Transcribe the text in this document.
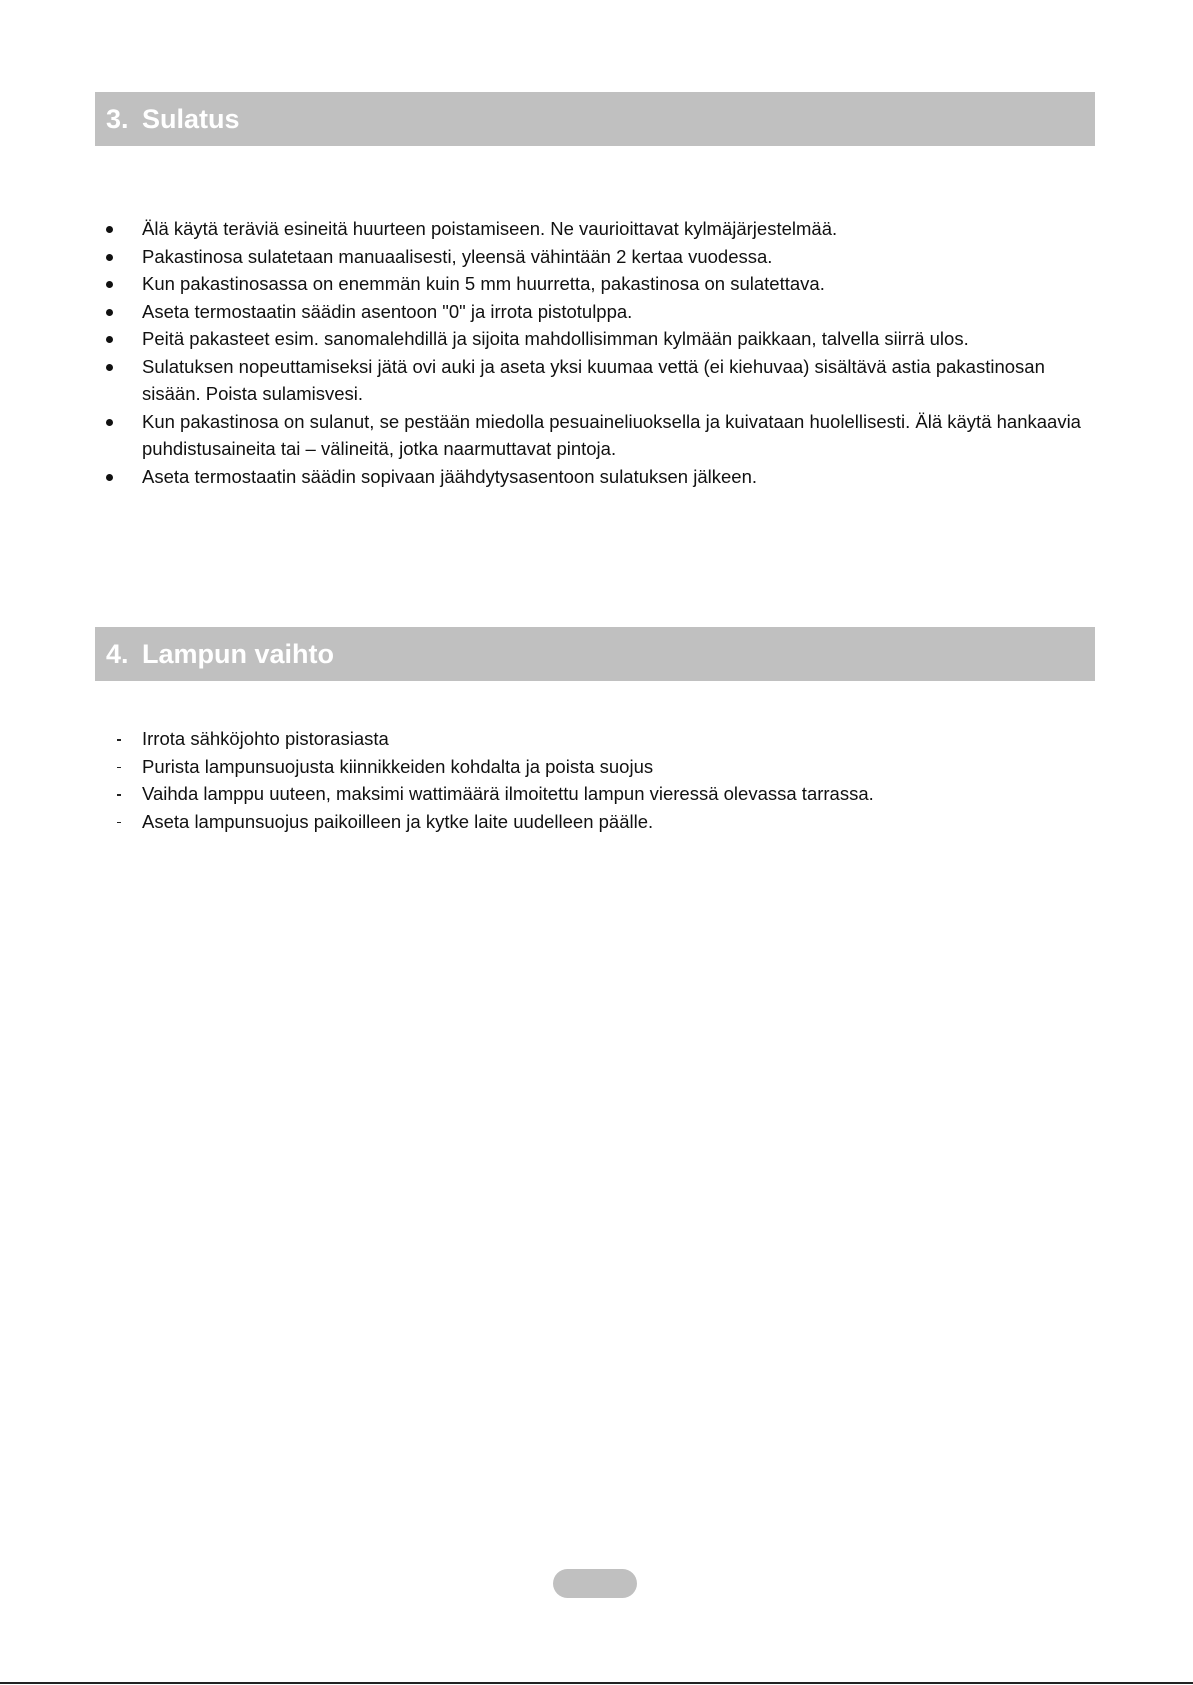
3. Sulatus
Älä käytä teräviä esineitä huurteen poistamiseen. Ne vaurioittavat kylmäjärjestelmää.
Pakastinosa sulatetaan manuaalisesti, yleensä vähintään 2 kertaa vuodessa.
Kun pakastinosassa on enemmän kuin 5 mm huurretta, pakastinosa on sulatettava.
Aseta termostaatin säädin asentoon "0" ja irrota pistotulppa.
Peitä pakasteet esim. sanomalehdillä ja sijoita mahdollisimman kylmään paikkaan, talvella siirrä ulos.
Sulatuksen nopeuttamiseksi jätä ovi auki ja aseta yksi kuumaa vettä (ei kiehuvaa) sisältävä astia pakastinosan sisään. Poista sulamisvesi.
Kun pakastinosa on sulanut, se pestään miedolla pesuaineliuoksella ja kuivataan huolellisesti. Älä käytä hankaavia puhdistusaineita tai – välineitä, jotka naarmuttavat pintoja.
Aseta termostaatin säädin sopivaan jäähdytysasentoon sulatuksen jälkeen.
4. Lampun vaihto
Irrota sähköjohto pistorasiasta
Purista lampunsuojusta kiinnikkeiden kohdalta ja poista suojus
Vaihda lamppu uuteen, maksimi wattimäärä ilmoitettu lampun vieressä olevassa tarrassa.
Aseta lampunsuojus paikoilleen ja kytke laite uudelleen päälle.
